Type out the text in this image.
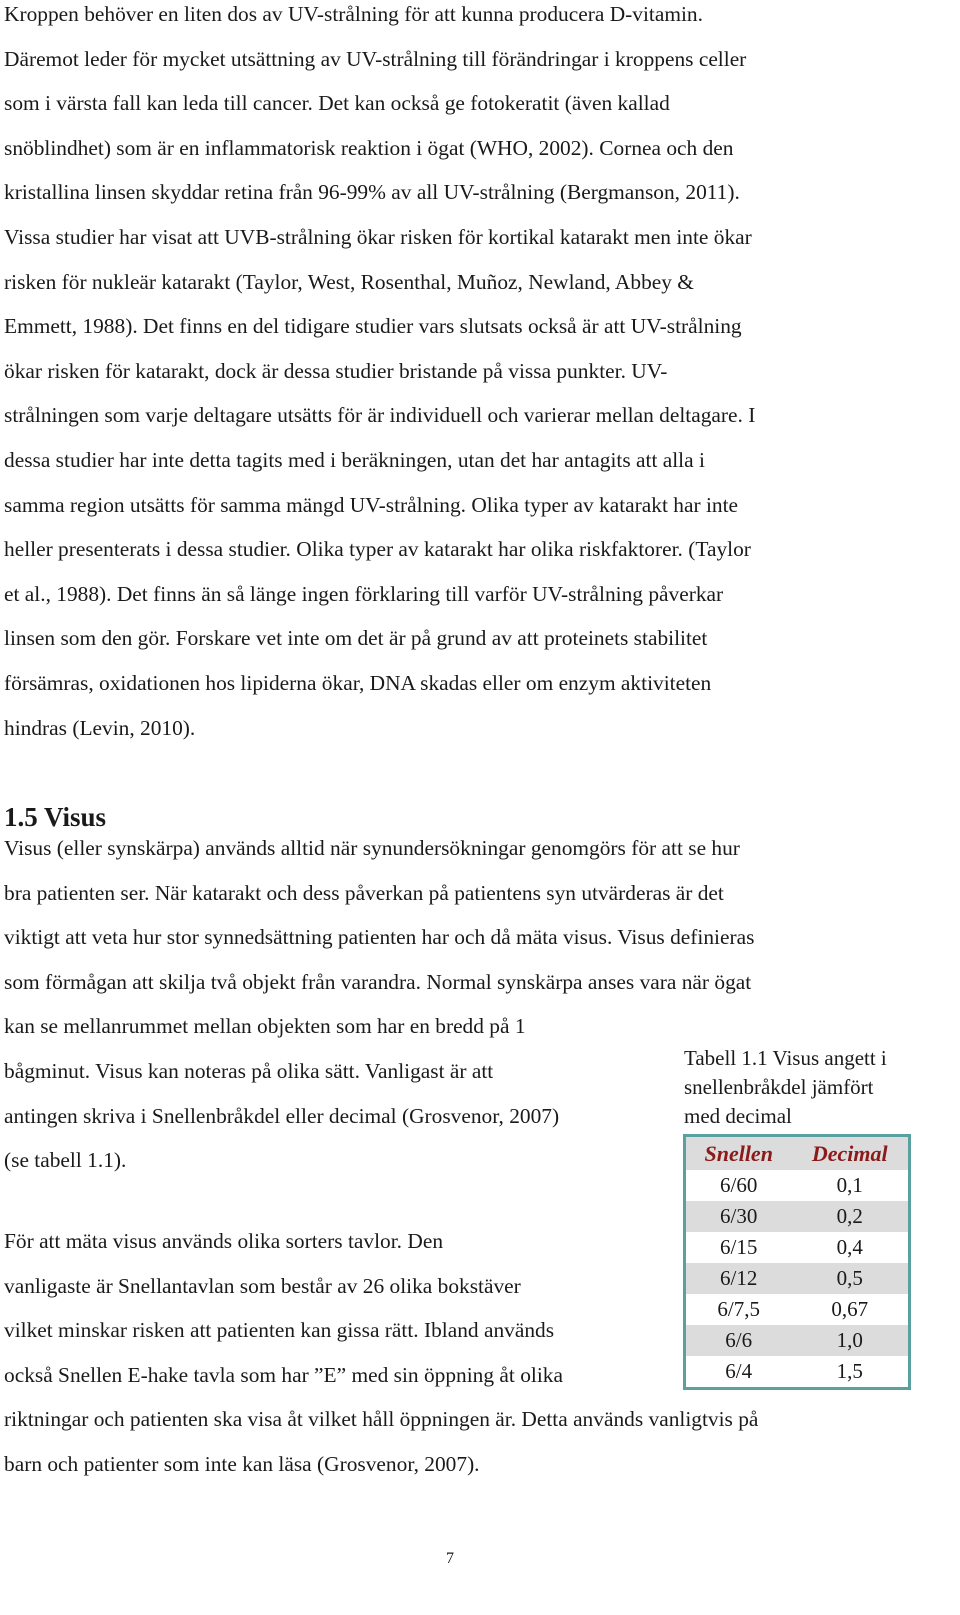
Kroppen behöver en liten dos av UV-strålning för att kunna producera D-vitamin.
Däremot leder för mycket utsättning av UV-strålning till förändringar i kroppens celler
som i värsta fall kan leda till cancer. Det kan också ge fotokeratit (även kallad
snöblindhet) som är en inflammatorisk reaktion i ögat (WHO, 2002). Cornea och den
kristallina linsen skyddar retina från 96-99% av all UV-strålning (Bergmanson, 2011).
Vissa studier har visat att UVB-strålning ökar risken för kortikal katarakt men inte ökar
risken för nukleär katarakt (Taylor, West, Rosenthal, Muñoz, Newland, Abbey &
Emmett, 1988). Det finns en del tidigare studier vars slutsats också är att UV-strålning
ökar risken för katarakt, dock är dessa studier bristande på vissa punkter. UV-
strålningen som varje deltagare utsätts för är individuell och varierar mellan deltagare. I
dessa studier har inte detta tagits med i beräkningen, utan det har antagits att alla i
samma region utsätts för samma mängd UV-strålning. Olika typer av katarakt har inte
heller presenterats i dessa studier. Olika typer av katarakt har olika riskfaktorer. (Taylor
et al., 1988). Det finns än så länge ingen förklaring till varför UV-strålning påverkar
linsen som den gör. Forskare vet inte om det är på grund av att proteinets stabilitet
försämras, oxidationen hos lipiderna ökar, DNA skadas eller om enzym aktiviteten
hindras (Levin, 2010).
1.5 Visus
Visus (eller synskärpa) används alltid när synundersökningar genomgörs för att se hur
bra patienten ser. När katarakt och dess påverkan på patientens syn utvärderas är det
viktigt att veta hur stor synnedsättning patienten har och då mäta visus. Visus definieras
som förmågan att skilja två objekt från varandra. Normal synskärpa anses vara när ögat
kan se mellanrummet mellan objekten som har en bredd på 1
bågminut. Visus kan noteras på olika sätt. Vanligast är att
antingen skriva i Snellenbråkdel eller decimal (Grosvenor, 2007)
(se tabell 1.1).
För att mäta visus används olika sorters tavlor. Den
vanligaste är Snellantavlan som består av 26 olika bokstäver
vilket minskar risken att patienten kan gissa rätt. Ibland används
också Snellen E-hake tavla som har ”E” med sin öppning åt olika
riktningar och patienten ska visa åt vilket håll öppningen är. Detta används vanligtvis på
barn och patienter som inte kan läsa (Grosvenor, 2007).
Tabell 1.1 Visus angett i
snellenbråkdel jämfört
med decimal
Snellen	Decimal
6/60	0,1
6/30	0,2
6/15	0,4
6/12	0,5
6/7,5	0,67
6/6	1,0
6/4	1,5

7
